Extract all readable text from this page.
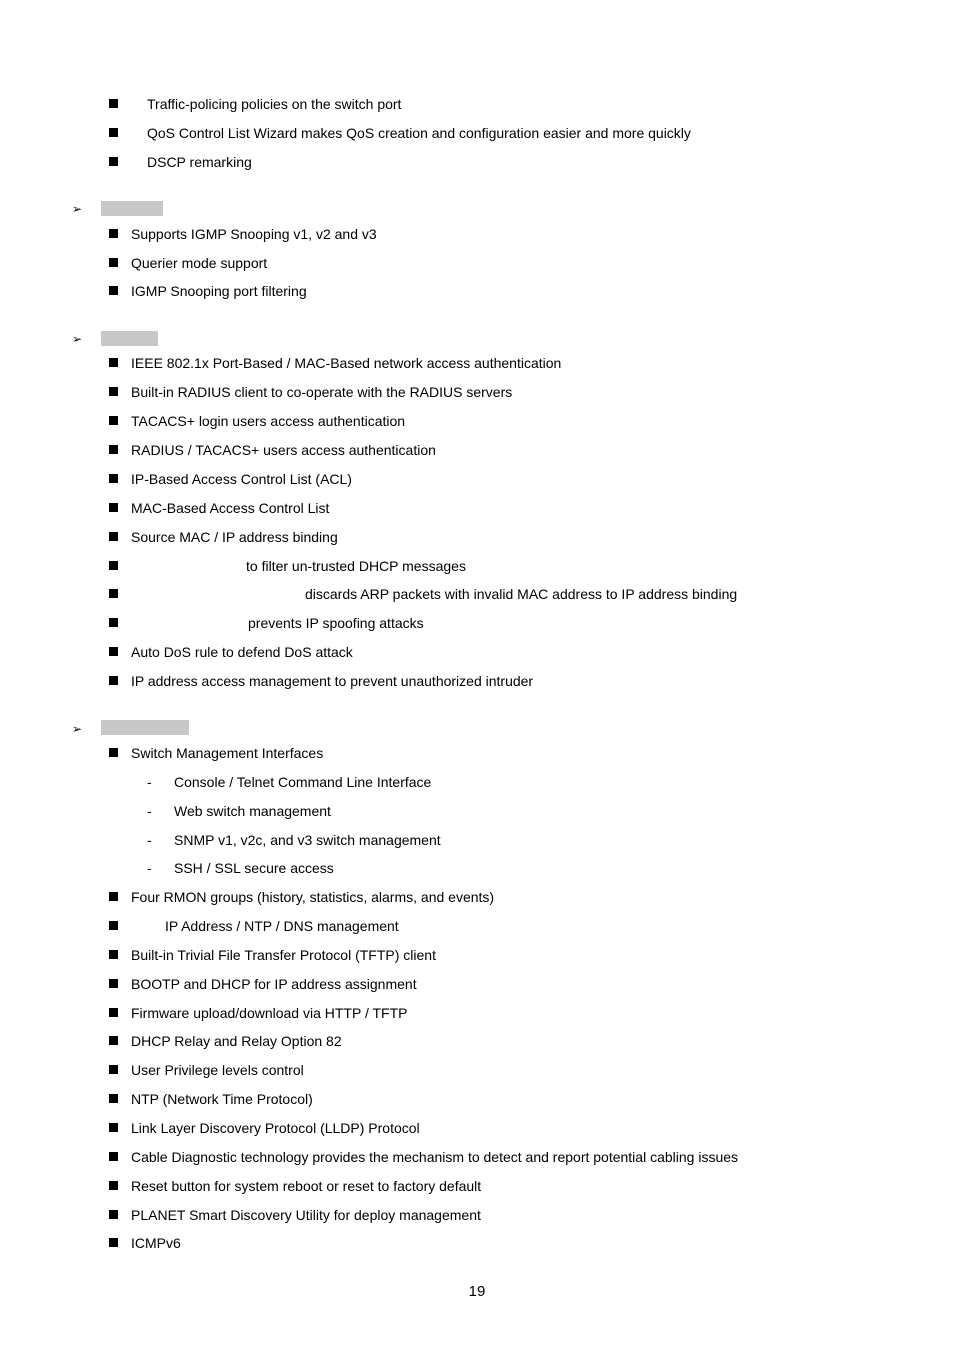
Traffic-policing policies on the switch port
QoS Control List Wizard makes QoS creation and configuration easier and more quickly
DSCP remarking
➢
Supports IGMP Snooping v1, v2 and v3
Querier mode support
IGMP Snooping port filtering
➢
IEEE 802.1x Port-Based / MAC-Based network access authentication
Built-in RADIUS client to co-operate with the RADIUS servers
TACACS+ login users access authentication
RADIUS / TACACS+ users access authentication
IP-Based Access Control List (ACL)
MAC-Based Access Control List
Source MAC / IP address binding
to filter un-trusted DHCP messages
discards ARP packets with invalid MAC address to IP address binding
prevents IP spoofing attacks
Auto DoS rule to defend DoS attack
IP address access management to prevent unauthorized intruder
➢
Switch Management Interfaces
- Console / Telnet Command Line Interface
- Web switch management
- SNMP v1, v2c, and v3 switch management
- SSH / SSL secure access
Four RMON groups (history, statistics, alarms, and events)
IP Address / NTP / DNS management
Built-in Trivial File Transfer Protocol (TFTP) client
BOOTP and DHCP for IP address assignment
Firmware upload/download via HTTP / TFTP
DHCP Relay and Relay Option 82
User Privilege levels control
NTP (Network Time Protocol)
Link Layer Discovery Protocol (LLDP) Protocol
Cable Diagnostic technology provides the mechanism to detect and report potential cabling issues
Reset button for system reboot or reset to factory default
PLANET Smart Discovery Utility for deploy management
ICMPv6
19
